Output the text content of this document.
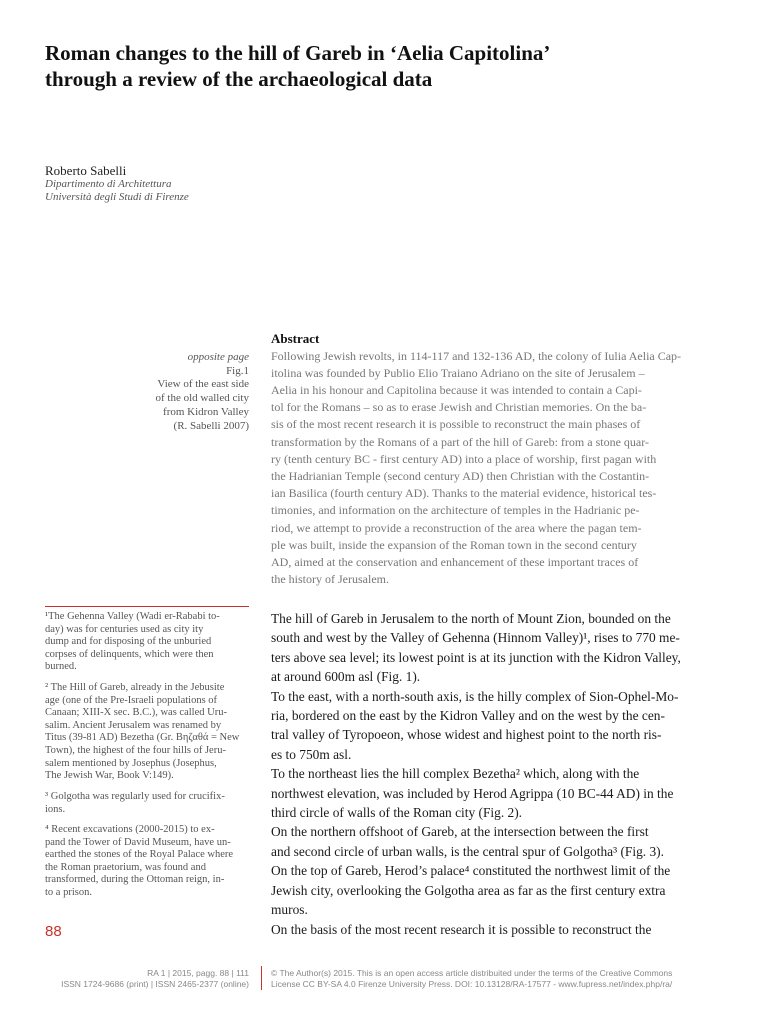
Roman changes to the hill of Gareb in ‘Aelia Capitolina’
through a review of the archaeological data
Roberto Sabelli
Dipartimento di Architettura
Università degli Studi di Firenze
opposite page
Fig.1
View of the east side
of the old walled city
from Kidron Valley
(R. Sabelli 2007)
Abstract
Following Jewish revolts, in 114-117 and 132-136 AD, the colony of Iulia Aelia Cap-
itolina was founded by Publio Elio Traiano Adriano on the site of Jerusalem –
Aelia in his honour and Capitolina because it was intended to contain a Capi-
tol for the Romans – so as to erase Jewish and Christian memories. On the ba-
sis of the most recent research it is possible to reconstruct the main phases of
transformation by the Romans of a part of the hill of Gareb: from a stone quar-
ry (tenth century BC - first century AD) into a place of worship, first pagan with
the Hadrianian Temple (second century AD) then Christian with the Costantin-
ian Basilica (fourth century AD). Thanks to the material evidence, historical tes-
timonies, and information on the architecture of temples in the Hadrianic pe-
riod, we attempt to provide a reconstruction of the area where the pagan tem-
ple was built, inside the expansion of the Roman town in the second century
AD, aimed at the conservation and enhancement of these important traces of
the history of Jerusalem.
¹The Gehenna Valley (Wadi er-Rababi to-
day) was for centuries used as city ity
dump and for disposing of the unburied
corpses of delinquents, which were then
burned.
² The Hill of Gareb, already in the Jebusite
age (one of the Pre-Israeli populations of
Canaan; XIII-X sec. B.C.), was called Uru-
salim. Ancient Jerusalem was renamed by
Titus (39-81 AD) Bezetha (Gr. Βηζαθά = New
Town), the highest of the four hills of Jeru-
salem mentioned by Josephus (Josephus,
The Jewish War, Book V:149).
³ Golgotha was regularly used for crucifix-
ions.
⁴ Recent excavations (2000-2015) to ex-
pand the Tower of David Museum, have un-
earthed the stones of the Royal Palace where
the Roman praetorium, was found and
transformed, during the Ottoman reign, in-
to a prison.
The hill of Gareb in Jerusalem to the north of Mount Zion, bounded on the
south and west by the Valley of Gehenna (Hinnom Valley)¹, rises to 770 me-
ters above sea level; its lowest point is at its junction with the Kidron Valley,
at around 600m asl (Fig. 1).
To the east, with a north-south axis, is the hilly complex of Sion-Ophel-Mo-
ria, bordered on the east by the Kidron Valley and on the west by the cen-
tral valley of Tyropoeon, whose widest and highest point to the north ris-
es to 750m asl.
To the northeast lies the hill complex Bezetha² which, along with the
northwest elevation, was included by Herod Agrippa (10 BC-44 AD) in the
third circle of walls of the Roman city (Fig. 2).
On the northern offshoot of Gareb, at the intersection between the first
and second circle of urban walls, is the central spur of Golgotha³ (Fig. 3).
On the top of Gareb, Herod’s palace⁴ constituted the northwest limit of the
Jewish city, overlooking the Golgotha area as far as the first century extra
muros.
On the basis of the most recent research it is possible to reconstruct the
88
RA 1 | 2015, pagg. 88 | 111
ISSN 1724-9686 (print) | ISSN 2465-2377 (online)
© The Author(s) 2015. This is an open access article distribuited under the terms of the Creative Commons
License CC BY-SA 4.0 Firenze University Press. DOI: 10.13128/RA-17577 - www.fupress.net/index.php/ra/
